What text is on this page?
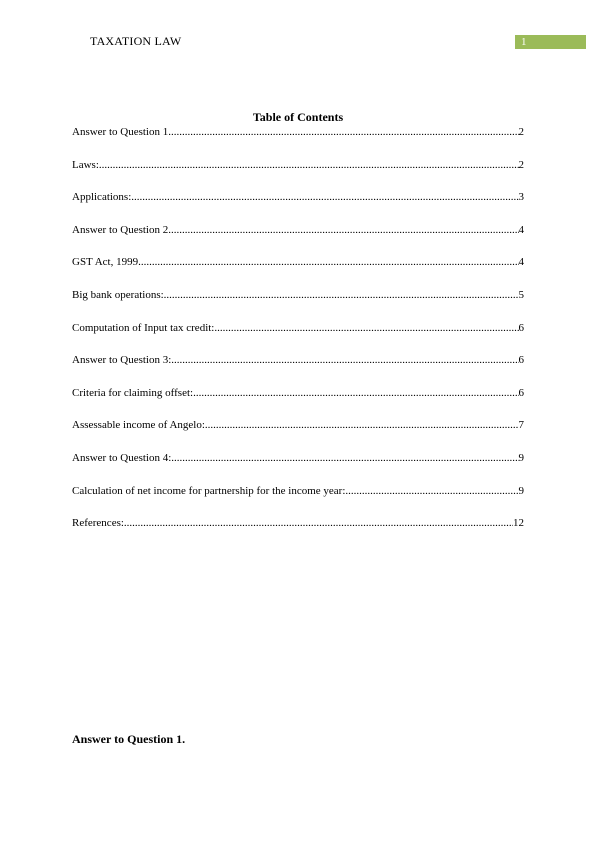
TAXATION LAW	1
Table of Contents
Answer to Question 1 .....	2
Laws: .....	2
Applications: .....	3
Answer to Question 2 .....	4
GST Act, 1999 .....	4
Big bank operations: .....	5
Computation of Input tax credit: .....	6
Answer to Question 3: .....	6
Criteria for claiming offset: .....	6
Assessable income of Angelo: .....	7
Answer to Question 4: .....	9
Calculation of net income for partnership for the income year: .....	9
References: .....	12
Answer to Question 1.
